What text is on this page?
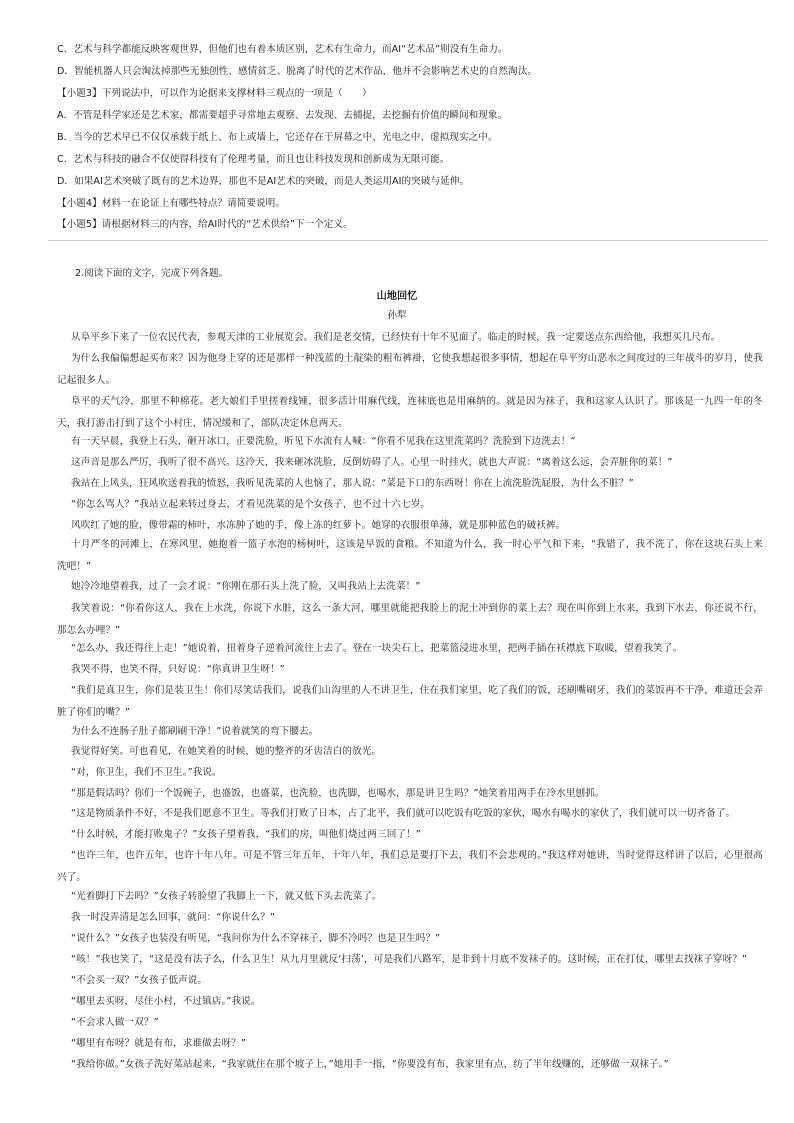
C．艺术与科学都能反映客观世界，但他们也有着本质区别，艺术有生命力，而AI“艺术品”则没有生命力。
D．智能机器人只会淘汰掉那些无独创性、感情贫乏、脱离了时代的艺术作品，他并不会影响艺术史的自然淘汰。
【小题3】下列说法中，可以作为论据来支撑材料三观点的一项是（　　）
A．不管是科学家还是艺术家，都需要超乎寻常地去观察、去发现、去捕捉，去挖掘有价值的瞬间和现象。
B．当今的艺术早已不仅仅承载于纸上、布上或墙上，它还存在于屏幕之中、光电之中、虚拟现实之中。
C．艺术与科技的融合不仅使得科技有了伦理考量，而且也让科技发现和创新成为无限可能。
D．如果AI艺术突破了既有的艺术边界，那也不是AI艺术的突破，而是人类运用AI的突破与延伸。
【小题4】材料一在论证上有哪些特点？请简要说明。
【小题5】请根据材料三的内容，给AI时代的“艺术供给”下一个定义。
2.阅读下面的文字，完成下列各题。
山地回忆
孙犁

从阜平乡下来了一位农民代表，参观天津的工业展览会。我们是老交情，已经快有十年不见面了。临走的时候，我一定要送点东西给他，我想买几尺布。

为什么我偏偏想起买布来？因为他身上穿的还是那样一种浅蓝的土靛染的粗布裤褂，它使我想起很多事情，想起在阜平穷山恶水之间度过的三年战斗的岁月，使我记起很多人。

阜平的天气冷，那里不种棉花。老大娘们手里搓着线锤，很多活计用麻代线，连袜底也是用麻纳的。就是因为袜子，我和这家人认识了。那该是一九四一年的冬天，我打游击打到了这个小村庄，情况缓和了，部队决定休息两天。

有一天早晨，我登上石头，砸开冰口，正要洗脸，听见下水流有人喊：“你看不见我在这里洗菜吗？洗脸到下边洗去！”

这声音是那么严厉，我听了很不高兴。这冷天，我来砸冰洗脸，反倒妨碍了人。心里一时挂火，就也大声说：“离着这么远，会弄脏你的菜！”

我站在上风头，狂风吹送着我的愤怒，我听见洗菜的人也恼了，那人说：“菜是下口的东西呀！你在上流洗脸洗屁股，为什么不脏？”

“你怎么骂人？”我站立起来转过身去，才看见洗菜的是个女孩子，也不过十六七岁。

风吹红了她的脸，像带霜的柿叶，水冻肿了她的手，像上冻的红萝卜。她穿的衣服很单薄，就是那种蓝色的破袄裤。

十月严冬的河滩上，在寒风里，她抱着一篮子水泡的杨树叶，这该是早饭的食粮。不知道为什么，我一时心平气和下来，“我错了，我不洗了，你在这块石头上来洗吧！”

她冷冷地望着我，过了一会才说：“你刚在那石头上洗了脸，又叫我站上去洗菜！”

我笑着说：“你看你这人，我在上水洗，你说下水脏，这么一条大河，哪里就能把我脸上的泥土冲到你的菜上去？现在叫你到上水来，我到下水去，你还说不行，那怎么办哩？”

“怎么办，我还得往上走！”她说着，扭着身子逆着河流往上去了。登在一块尖石上，把菜篮浸进水里，把两手插在袄襟底下取暖，望着我笑了。

我哭不得，也笑不得，只好说：“你真讲卫生呀！”

“我们是真卫生，你们是装卫生！你们尽笑话我们，说我们山沟里的人不讲卫生，住在我们家里，吃了我们的饭，还刷嘴刷牙，我们的菜饭再不干净，难道还会弄脏了你们的嘴？”

为什么不连肠子肚子都刷刷干净！”说着就笑的弯下腰去。

我觉得好笑。可也看见，在她笑着的时候，她的整齐的牙齿洁白的放光。

“对，你卫生，我们不卫生。”我说。

“那是假话吗？你们一个饭碗子，也盛饭，也盛菜，也洗脸，也洗脚，也喝水，那是讲卫生吗？”她笑着用两手在冷水里刨抓。

“这是物质条件不好，不是我们愿意不卫生。等我们打败了日本，占了北平，我们就可以吃饭有吃饭的家伙，喝水有喝水的家伙了，我们就可以一切齐备了。

“什么时候，才能打败鬼子？”女孩子望着我，“我们的房，叫他们烧过两三回了！”

“也许三年，也许五年，也许十年八年。可是不管三年五年，十年八年，我们总是要打下去，我们不会悲观的。”我这样对她讲，当时觉得这样讲了以后，心里很高兴了。

“光着脚打下去吗？”女孩子转脸望了我脚上一下，就又低下头去洗菜了。

我一时没弄清是怎么回事，就问：“你说什么？”

“说什么？”女孩子也装没有听见，“我问你为什么不穿袜子，脚不冷吗？也是卫生吗？”

“咳！”我也笑了，“这是没有法子么，什么卫生！从九月里就反‘扫荡’，可是我们八路军，是非到十月底不发袜子的。这时候，正在打仗，哪里去找袜子穿呀？”

“不会买一双？”女孩子低声说。

“哪里去买呀，尽住小村，不过镇店。”我说。

“不会求人做一双？”

“哪里有布呀？就是有布，求谁做去呀？”

“我给你做。”女孩子洗好菜站起来，“我家就住在那个坡子上，”她用手一指，“你要没有布，我家里有点，纺了半年线赚的，还够做一双袜子。”
